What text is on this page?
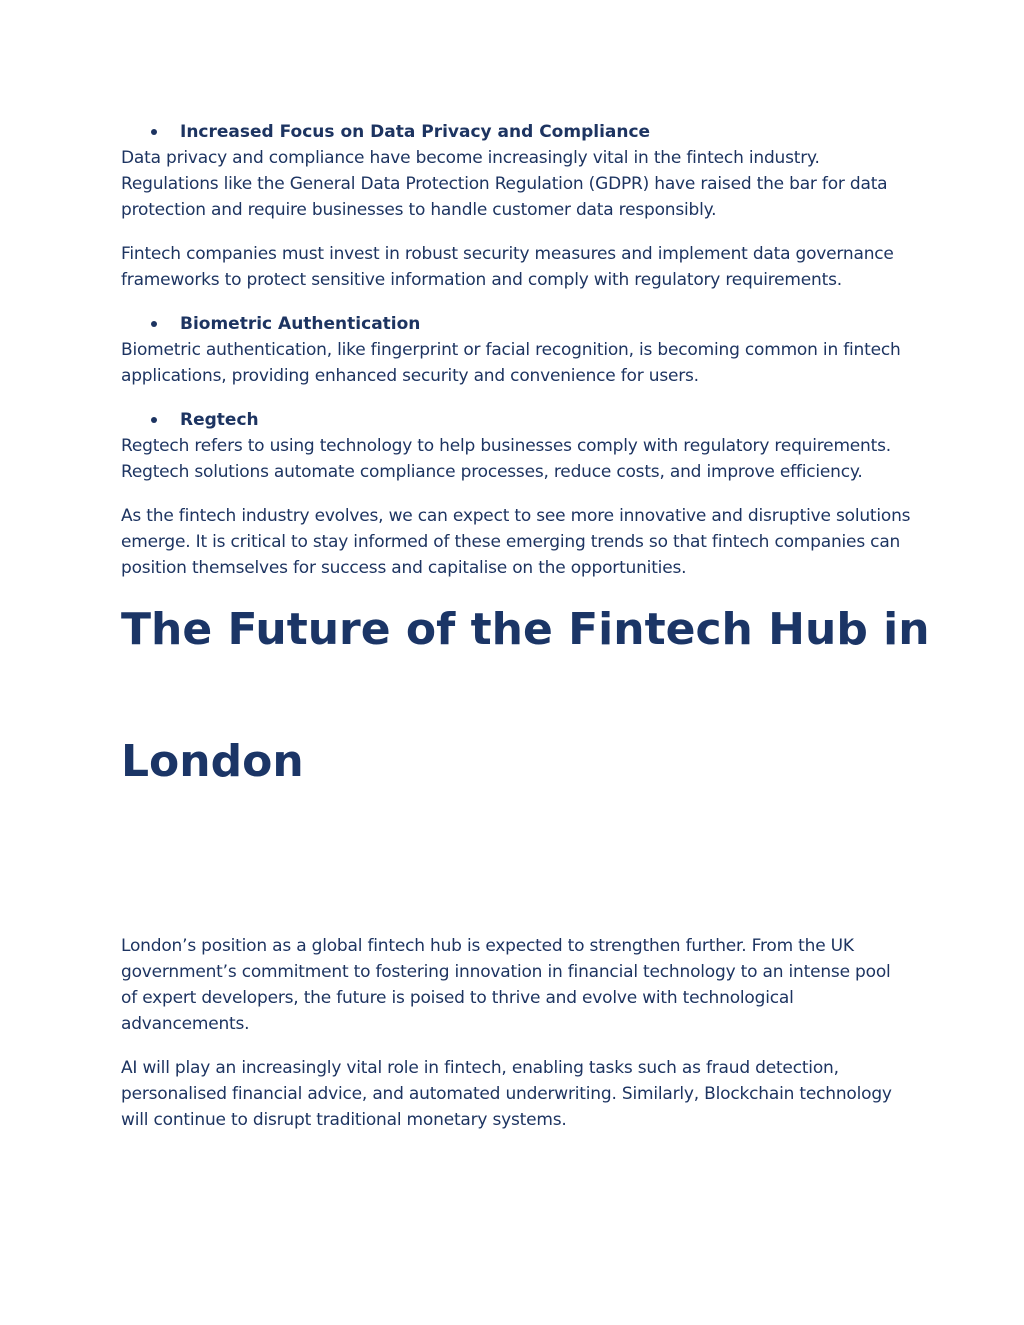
Increased Focus on Data Privacy and Compliance

Data privacy and compliance have become increasingly vital in the fintech industry. Regulations like the General Data Protection Regulation (GDPR) have raised the bar for data protection and require businesses to handle customer data responsibly.

Fintech companies must invest in robust security measures and implement data governance frameworks to protect sensitive information and comply with regulatory requirements.

Biometric Authentication

Biometric authentication, like fingerprint or facial recognition, is becoming common in fintech applications, providing enhanced security and convenience for users.

Regtech

Regtech refers to using technology to help businesses comply with regulatory requirements. Regtech solutions automate compliance processes, reduce costs, and improve efficiency.

As the fintech industry evolves, we can expect to see more innovative and disruptive solutions emerge. It is critical to stay informed of these emerging trends so that fintech companies can position themselves for success and capitalise on the opportunities.

The Future of the Fintech Hub in
London

London’s position as a global fintech hub is expected to strengthen further. From the UK government’s commitment to fostering innovation in financial technology to an intense pool of expert developers, the future is poised to thrive and evolve with technological advancements.

AI will play an increasingly vital role in fintech, enabling tasks such as fraud detection, personalised financial advice, and automated underwriting. Similarly, Blockchain technology will continue to disrupt traditional monetary systems.
